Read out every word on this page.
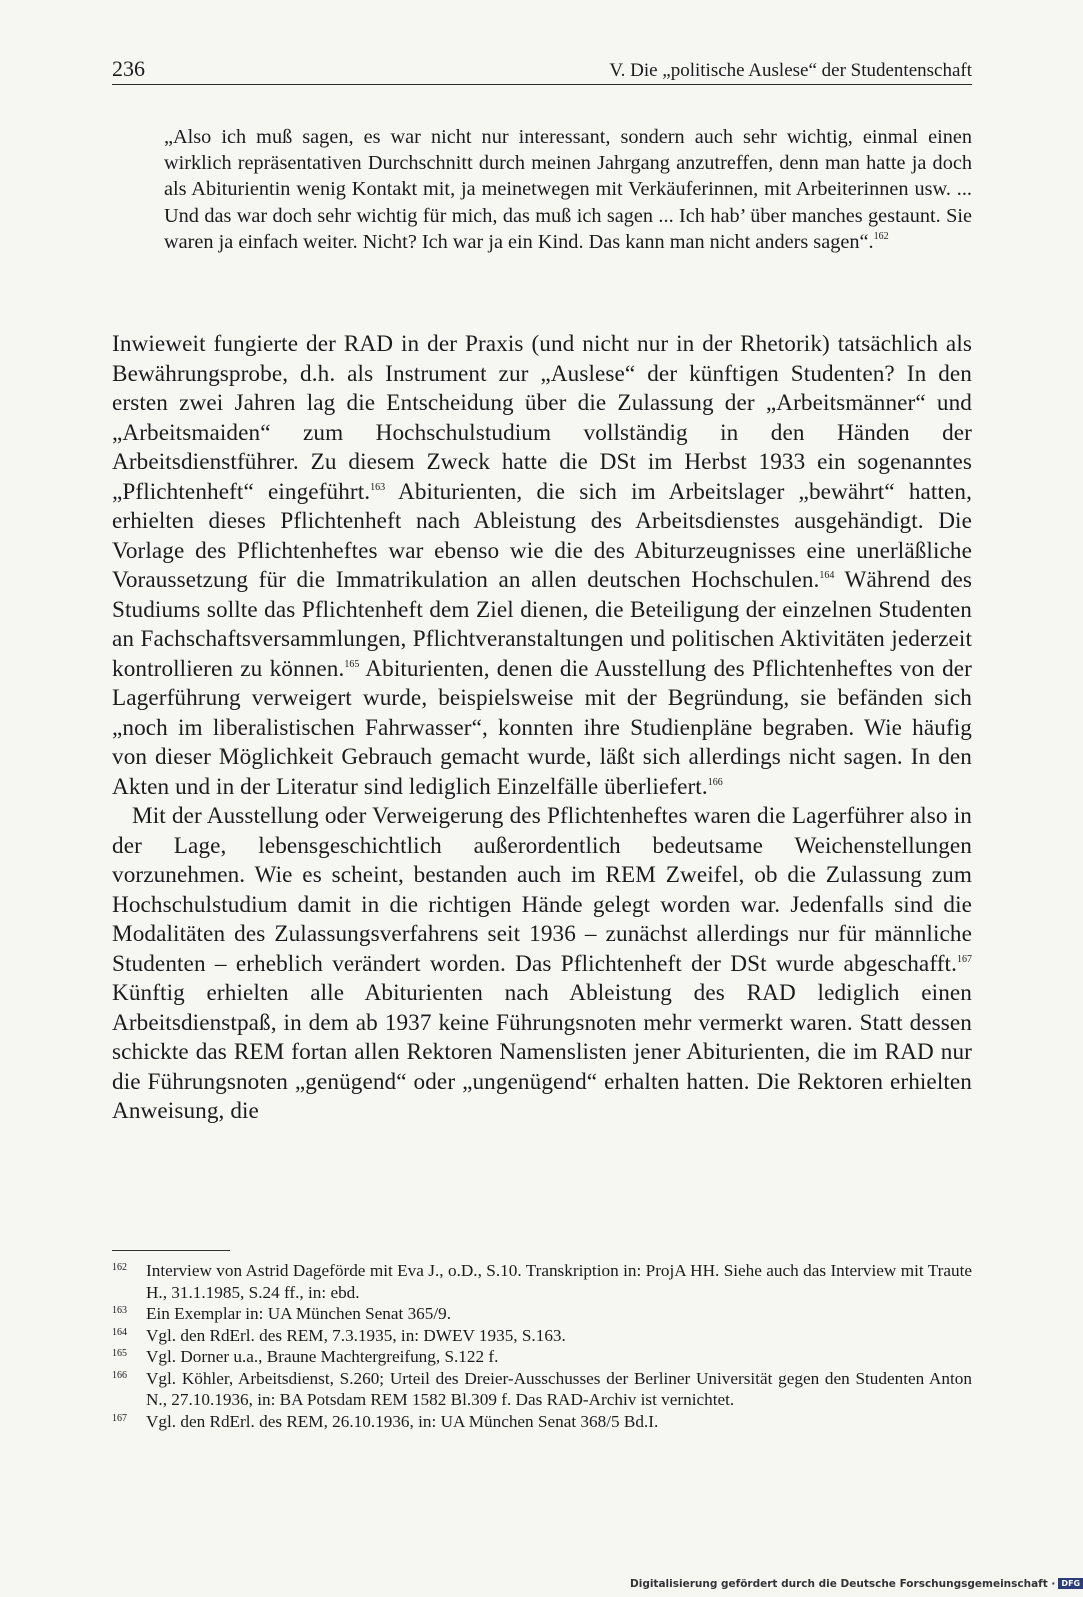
236	V. Die „politische Auslese“ der Studentenschaft

„Also ich muß sagen, es war nicht nur interessant, sondern auch sehr wichtig, einmal einen wirklich repräsentativen Durchschnitt durch meinen Jahrgang anzutreffen, denn man hatte ja doch als Abiturientin wenig Kontakt mit, ja meinetwegen mit Verkäuferinnen, mit Arbeiterinnen usw. ... Und das war doch sehr wichtig für mich, das muß ich sagen ... Ich hab’ über manches gestaunt. Sie waren ja einfach weiter. Nicht? Ich war ja ein Kind. Das kann man nicht anders sagen“.$^{162}$

Inwieweit fungierte der RAD in der Praxis (und nicht nur in der Rhetorik) tatsächlich als Bewährungsprobe, d.h. als Instrument zur „Auslese“ der künftigen Studenten? In den ersten zwei Jahren lag die Entscheidung über die Zulassung der „Arbeitsmänner“ und „Arbeitsmaiden“ zum Hochschulstudium vollständig in den Händen der Arbeitsdienstführer. Zu diesem Zweck hatte die DSt im Herbst 1933 ein sogenanntes „Pflichtenheft“ eingeführt.$^{163}$ Abiturienten, die sich im Arbeitslager „bewährt“ hatten, erhielten dieses Pflichtenheft nach Ableistung des Arbeitsdienstes ausgehändigt. Die Vorlage des Pflichtenheftes war ebenso wie die des Abiturzeugnisses eine unerläßliche Voraussetzung für die Immatrikulation an allen deutschen Hochschulen.$^{164}$ Während des Studiums sollte das Pflichtenheft dem Ziel dienen, die Beteiligung der einzelnen Studenten an Fachschaftsversammlungen, Pflichtveranstaltungen und politischen Aktivitäten jederzeit kontrollieren zu können.$^{165}$ Abiturienten, denen die Ausstellung des Pflichtenheftes von der Lagerführung verweigert wurde, beispielsweise mit der Begründung, sie befänden sich „noch im liberalistischen Fahrwasser“, konnten ihre Studienpläne begraben. Wie häufig von dieser Möglichkeit Gebrauch gemacht wurde, läßt sich allerdings nicht sagen. In den Akten und in der Literatur sind lediglich Einzelfälle überliefert.$^{166}$

Mit der Ausstellung oder Verweigerung des Pflichtenheftes waren die Lagerführer also in der Lage, lebensgeschichtlich außerordentlich bedeutsame Weichenstellungen vorzunehmen. Wie es scheint, bestanden auch im REM Zweifel, ob die Zulassung zum Hochschulstudium damit in die richtigen Hände gelegt worden war. Jedenfalls sind die Modalitäten des Zulassungsverfahrens seit 1936 – zunächst allerdings nur für männliche Studenten – erheblich verändert worden. Das Pflichtenheft der DSt wurde abgeschafft.$^{167}$ Künftig erhielten alle Abiturienten nach Ableistung des RAD lediglich einen Arbeitsdienstpaß, in dem ab 1937 keine Führungsnoten mehr vermerkt waren. Statt dessen schickte das REM fortan allen Rektoren Namenslisten jener Abiturienten, die im RAD nur die Führungsnoten „genügend“ oder „ungenügend“ erhalten hatten. Die Rektoren erhielten Anweisung, die

162 Interview von Astrid Dageförde mit Eva J., o.D., S.10. Transkription in: ProjA HH. Siehe auch das Interview mit Traute H., 31.1.1985, S.24 ff., in: ebd.
163 Ein Exemplar in: UA München Senat 365/9.
164 Vgl. den RdErl. des REM, 7.3.1935, in: DWEV 1935, S.163.
165 Vgl. Dorner u.a., Braune Machtergreifung, S.122 f.
166 Vgl. Köhler, Arbeitsdienst, S.260; Urteil des Dreier-Ausschusses der Berliner Universität gegen den Studenten Anton N., 27.10.1936, in: BA Potsdam REM 1582 Bl.309 f. Das RAD-Archiv ist vernichtet.
167 Vgl. den RdErl. des REM, 26.10.1936, in: UA München Senat 368/5 Bd.I.
Digitalisierung gefördert durch die Deutsche Forschungsgemeinschaft · DFG
